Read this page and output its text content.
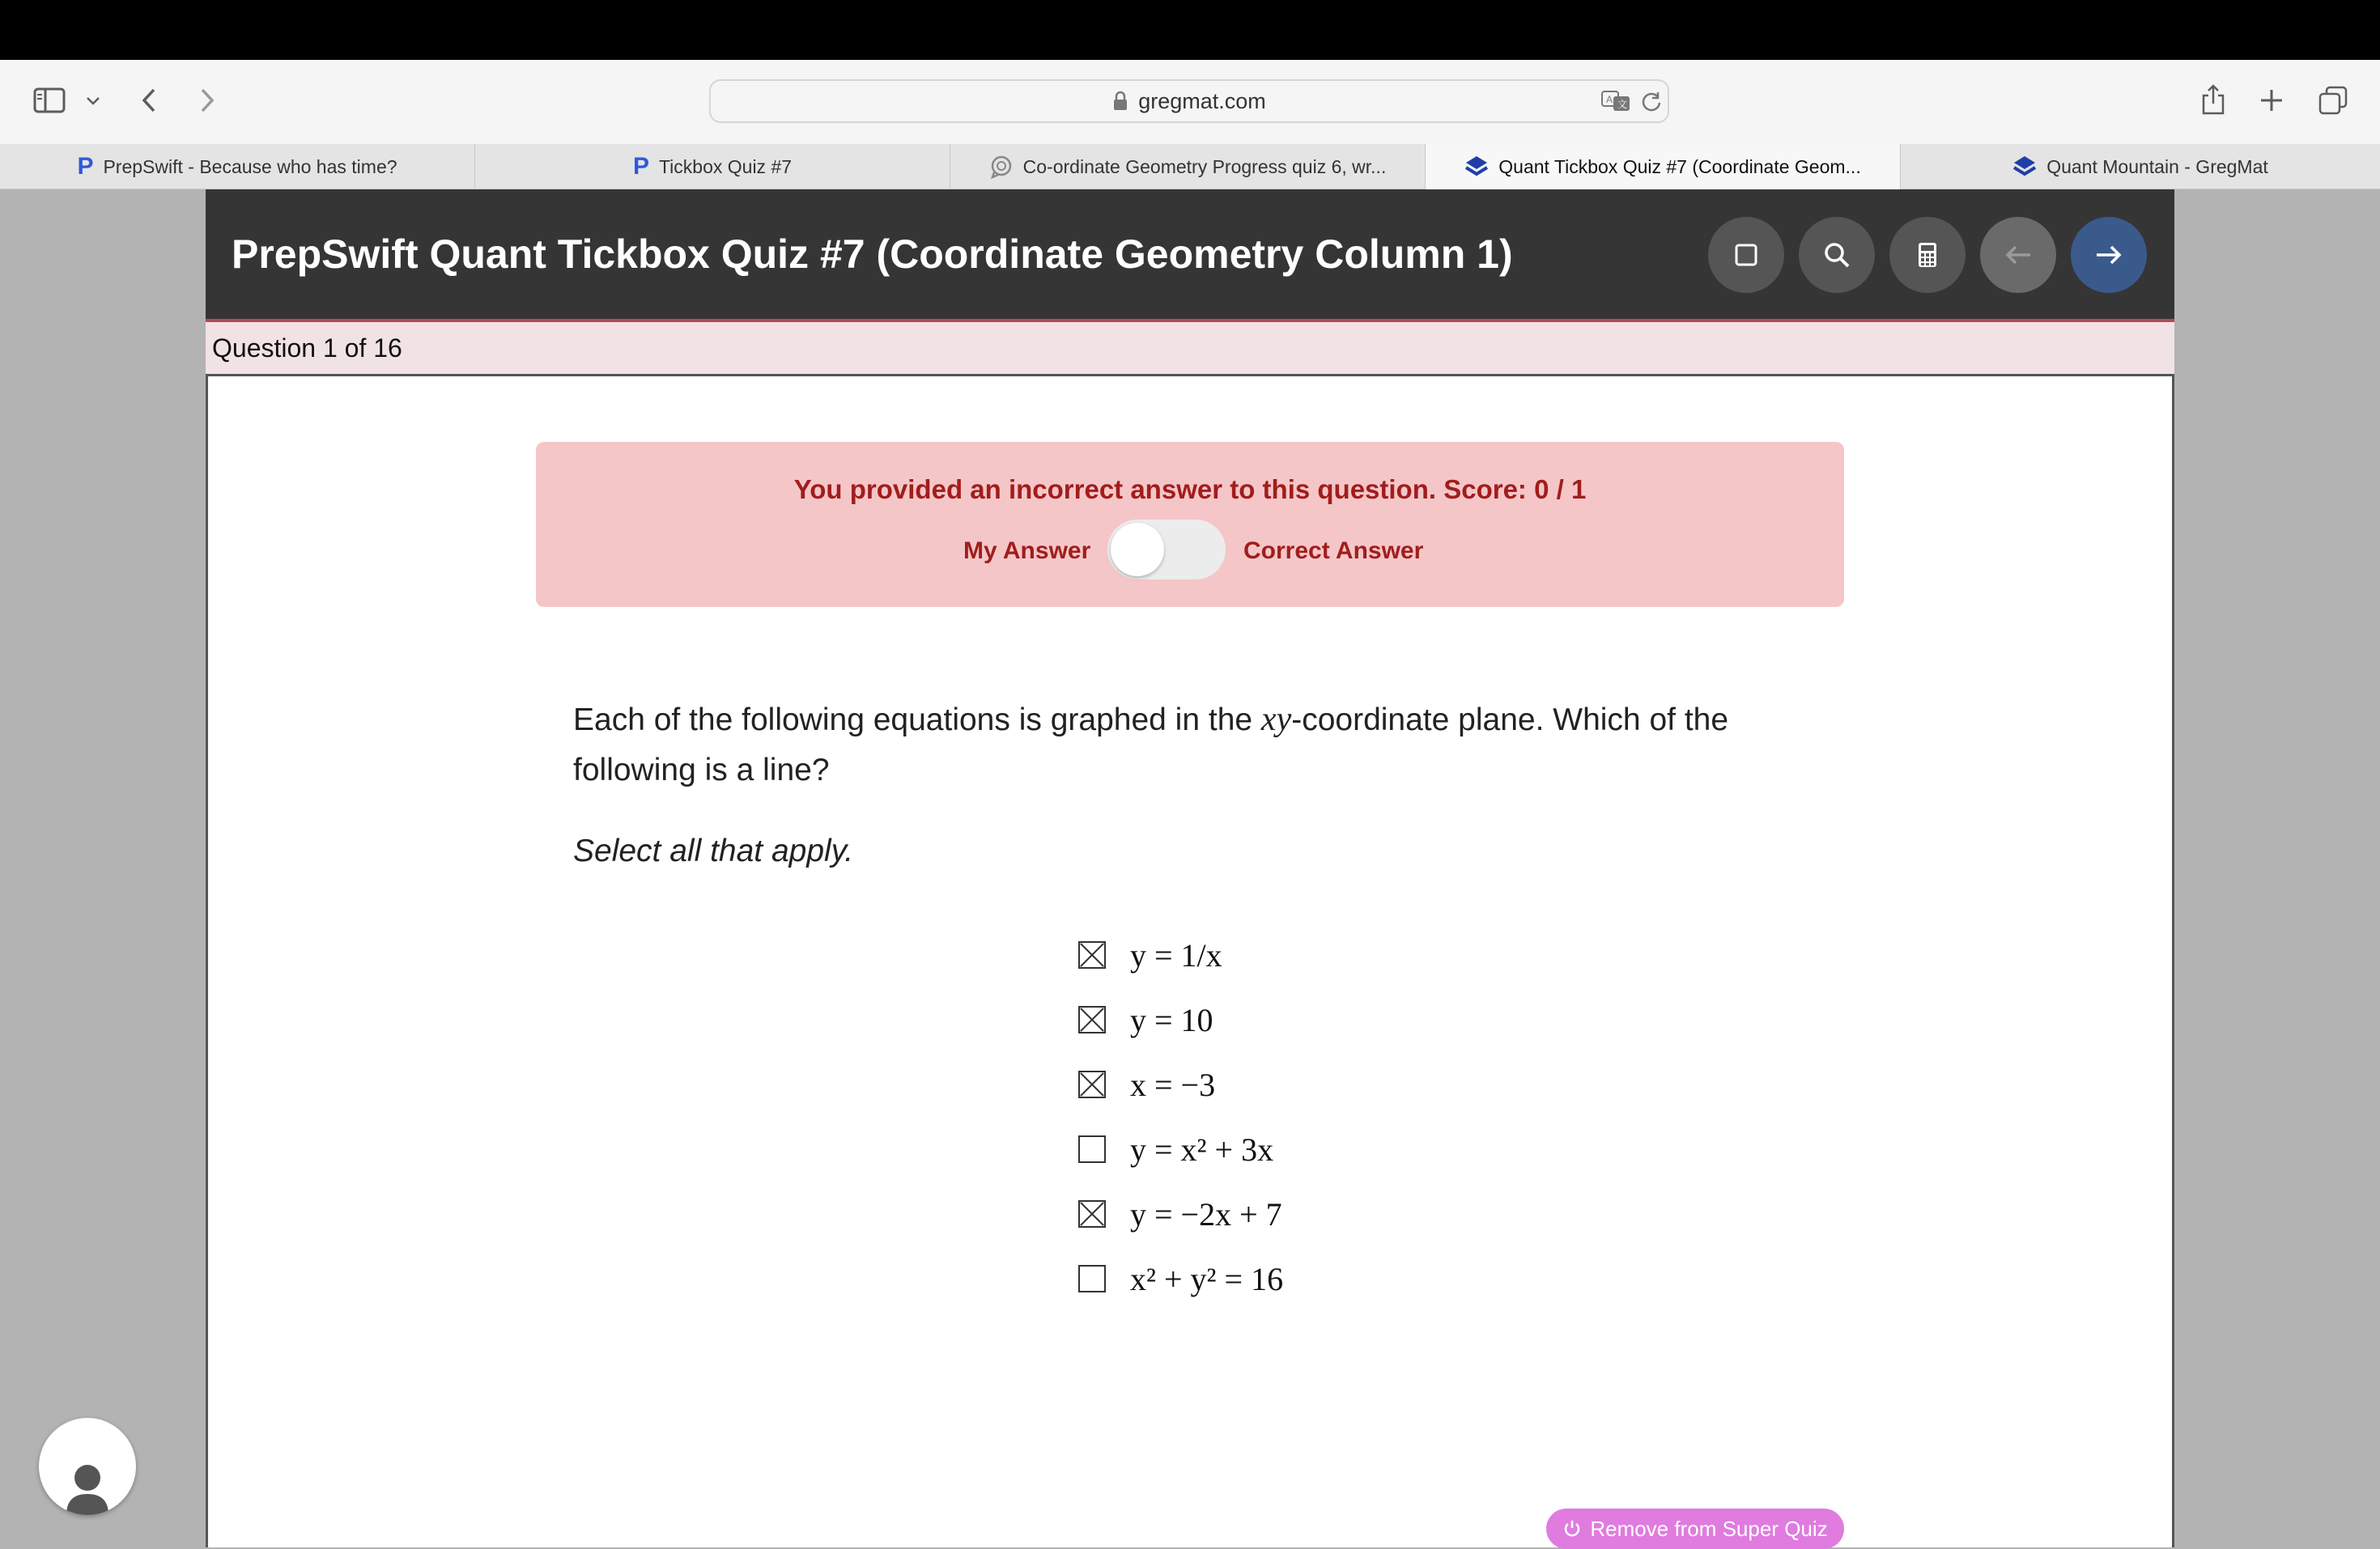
gregmat.com	A 文
P PrepSwift - Because who has time?	P Tickbox Quiz #7	Co-ordinate Geometry Progress quiz 6, wr...	Quant Tickbox Quiz #7 (Coordinate Geom...	Quant Mountain - GregMat
PrepSwift Quant Tickbox Quiz #7 (Coordinate Geometry Column 1)
Question 1 of 16
You provided an incorrect answer to this question. Score: 0 / 1
My Answer	Correct Answer
Each of the following equations is graphed in the xy-coordinate plane. Which of the following is a line?
Select all that apply.
y = 1/x
y = 10
x = −3
y = x² + 3x
y = −2x + 7
x² + y² = 16
Remove from Super Quiz
